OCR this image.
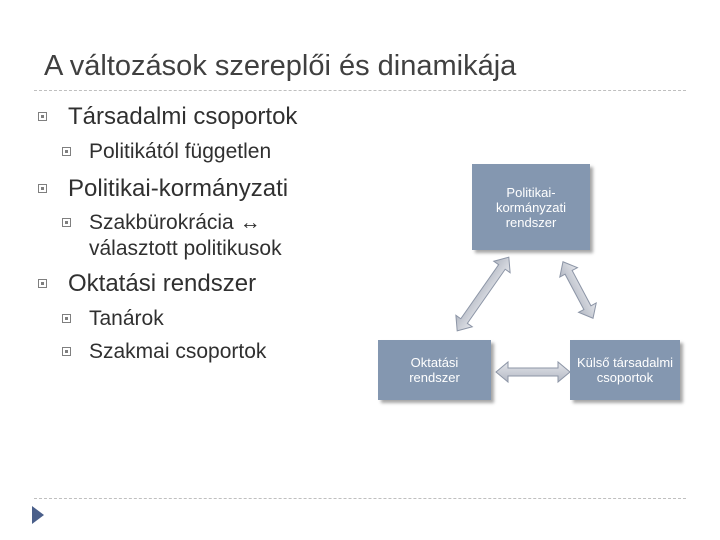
A változások szereplői és dinamikája
Társadalmi csoportok
Politikától független
Politikai-kormányzati
Szakbürokrácia ↔
választott politikusok
Oktatási rendszer
Tanárok
Szakmai csoportok
Politikai-
kormányzati
rendszer
Oktatási
rendszer
Külső társadalmi
csoportok
